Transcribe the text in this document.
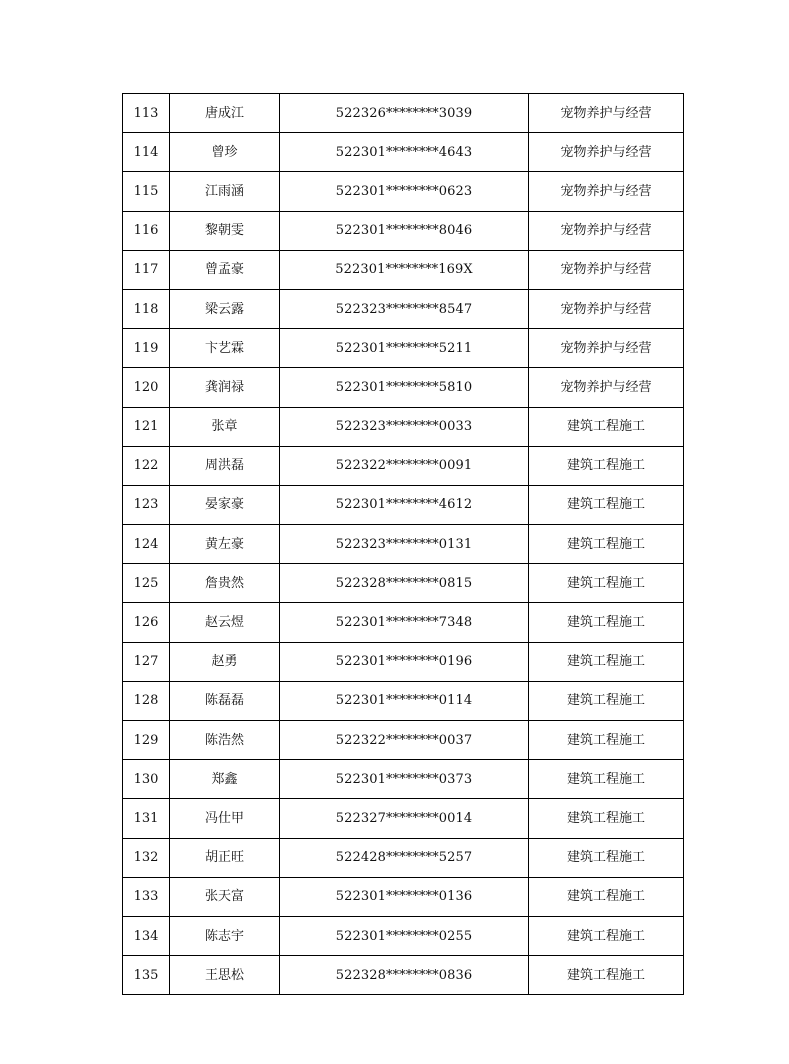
113	唐成江	522326********3039	宠物养护与经营
114	曾珍	522301********4643	宠物养护与经营
115	江雨涵	522301********0623	宠物养护与经营
116	黎朝雯	522301********8046	宠物养护与经营
117	曾孟豪	522301********169X	宠物养护与经营
118	梁云露	522323********8547	宠物养护与经营
119	卞艺霖	522301********5211	宠物养护与经营
120	龚润禄	522301********5810	宠物养护与经营
121	张章	522323********0033	建筑工程施工
122	周洪磊	522322********0091	建筑工程施工
123	晏家豪	522301********4612	建筑工程施工
124	黄左豪	522323********0131	建筑工程施工
125	詹贵然	522328********0815	建筑工程施工
126	赵云煜	522301********7348	建筑工程施工
127	赵勇	522301********0196	建筑工程施工
128	陈磊磊	522301********0114	建筑工程施工
129	陈浩然	522322********0037	建筑工程施工
130	郑鑫	522301********0373	建筑工程施工
131	冯仕甲	522327********0014	建筑工程施工
132	胡正旺	522428********5257	建筑工程施工
133	张天富	522301********0136	建筑工程施工
134	陈志宇	522301********0255	建筑工程施工
135	王思松	522328********0836	建筑工程施工
